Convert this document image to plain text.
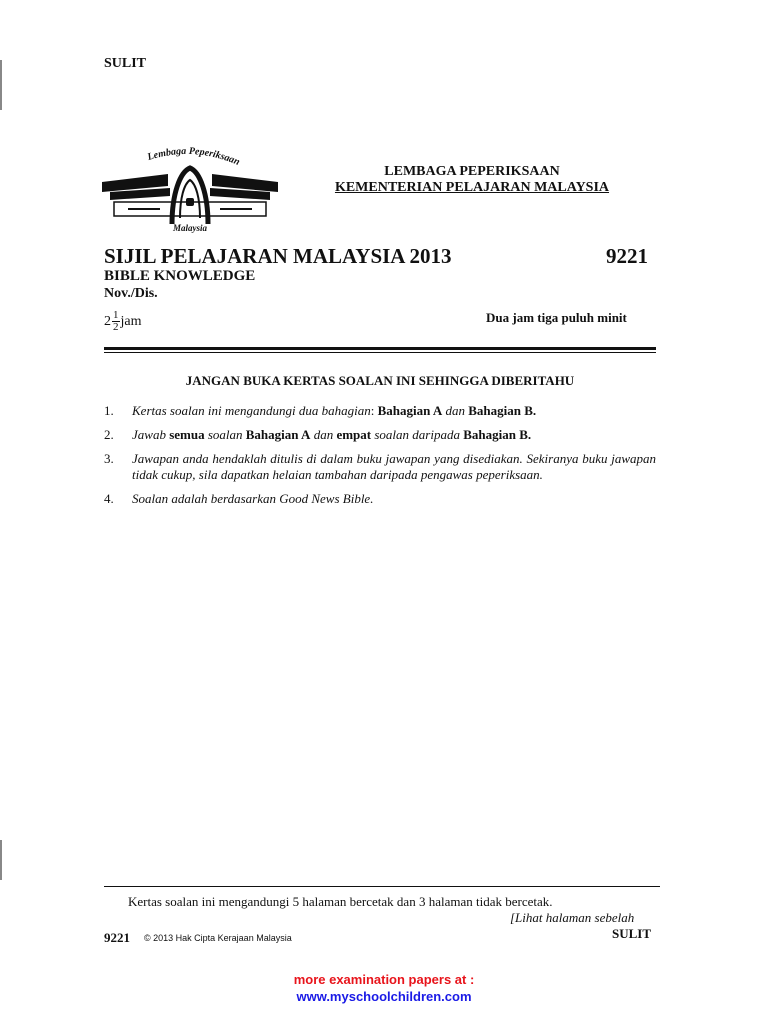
SULIT
Lembaga Peperiksaan
Malaysia
LEMBAGA PEPERIKSAAN
KEMENTERIAN PELAJARAN MALAYSIA
SIJIL PELAJARAN MALAYSIA 2013	9221
BIBLE KNOWLEDGE
Nov./Dis.
$2 \frac{1}{2}$ jam	Dua jam tiga puluh minit
JANGAN BUKA KERTAS SOALAN INI SEHINGGA DIBERITAHU
1. Kertas soalan ini mengandungi dua bahagian: Bahagian A dan Bahagian B.
2. Jawab semua soalan Bahagian A dan empat soalan daripada Bahagian B.
3. Jawapan anda hendaklah ditulis di dalam buku jawapan yang disediakan. Sekiranya buku jawapan tidak cukup, sila dapatkan helaian tambahan daripada pengawas peperiksaan.
4. Soalan adalah berdasarkan Good News Bible.
Kertas soalan ini mengandungi 5 halaman bercetak dan 3 halaman tidak bercetak.
[Lihat halaman sebelah
9221 © 2013 Hak Cipta Kerajaan Malaysia	SULIT
more examination papers at :
www.myschoolchildren.com
